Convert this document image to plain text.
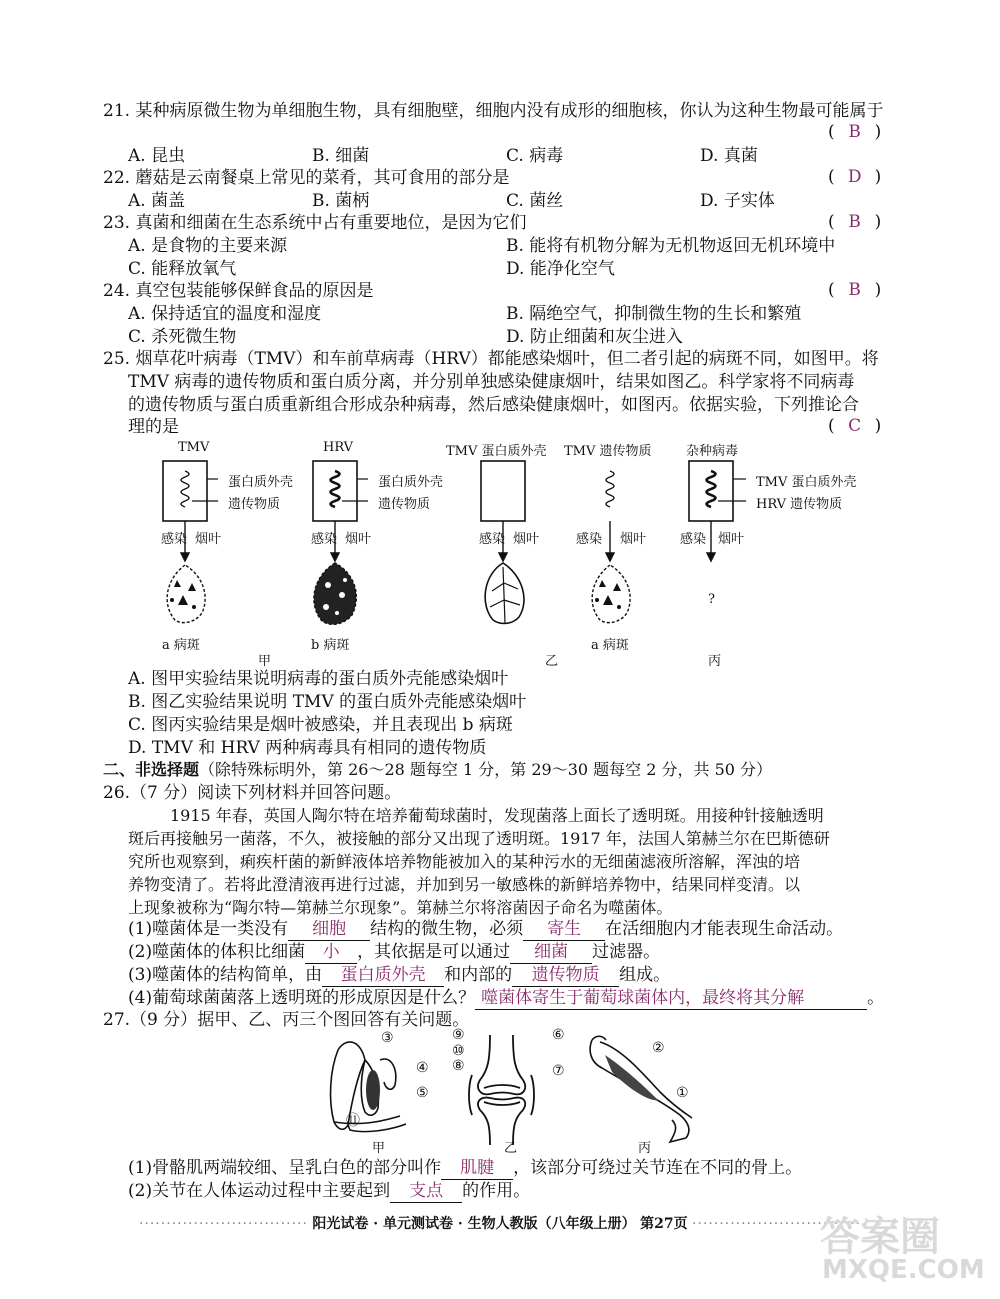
21. 某种病原微生物为单细胞生物，具有细胞壁，细胞内没有成形的细胞核，你认为这种生物最可能属于
( B )
A. 昆虫	B. 细菌	C. 病毒	D. 真菌
22. 蘑菇是云南餐桌上常见的菜肴，其可食用的部分是	( D )
A. 菌盖	B. 菌柄	C. 菌丝	D. 子实体
23. 真菌和细菌在生态系统中占有重要地位，是因为它们	( B )
A. 是食物的主要来源	B. 能将有机物分解为无机物返回无机环境中
C. 能释放氧气	D. 能净化空气
24. 真空包装能够保鲜食品的原因是	( B )
A. 保持适宜的温度和湿度	B. 隔绝空气，抑制微生物的生长和繁殖
C. 杀死微生物	D. 防止细菌和灰尘进入
25. 烟草花叶病毒（TMV）和车前草病毒（HRV）都能感染烟叶，但二者引起的病斑不同，如图甲。将
TMV 病毒的遗传物质和蛋白质分离，并分别单独感染健康烟叶，结果如图乙。科学家将不同病毒
的遗传物质与蛋白质重新组合形成杂种病毒，然后感染健康烟叶，如图丙。依据实验，下列推论合
理的是	( C )
TMV	HRV	TMV 蛋白质外壳 TMV 遗传物质	杂种病毒
蛋白质外壳
遗传物质
蛋白质外壳
遗传物质
TMV 蛋白质外壳
HRV 遗传物质
感染 烟叶	感染 烟叶	感染 烟叶	感染 烟叶	感染 烟叶
?
a 病斑	b 病斑	a 病斑
甲	乙	丙
A. 图甲实验结果说明病毒的蛋白质外壳能感染烟叶
B. 图乙实验结果说明 TMV 的蛋白质外壳能感染烟叶
C. 图丙实验结果是烟叶被感染，并且表现出 b 病斑
D. TMV 和 HRV 两种病毒具有相同的遗传物质
二、非选择题（除特殊标明外，第 26～28 题每空 1 分，第 29～30 题每空 2 分，共 50 分）
26.（7 分）阅读下列材料并回答问题。
1915 年春，英国人陶尔特在培养葡萄球菌时，发现菌落上面长了透明斑。用接种针接触透明
斑后再接触另一菌落，不久，被接触的部分又出现了透明斑。1917 年，法国人第赫兰尔在巴斯德研
究所也观察到，痢疾杆菌的新鲜液体培养物能被加入的某种污水的无细菌滤液所溶解，浑浊的培
养物变清了。若将此澄清液再进行过滤，并加到另一敏感株的新鲜培养物中，结果同样变清。以
上现象被称为“陶尔特—第赫兰尔现象”。第赫兰尔将溶菌因子命名为噬菌体。
(1)噬菌体是一类没有 细胞 结构的微生物，必须 寄生 在活细胞内才能表现生命活动。
(2)噬菌体的体积比细菌 小 ，其依据是可以通过 细菌 过滤器。
(3)噬菌体的结构简单，由 蛋白质外壳 和内部的 遗传物质 组成。
(4)葡萄球菌菌落上透明斑的形成原因是什么？ 噬菌体寄生于葡萄球菌体内，最终将其分解	。
27.（9 分）据甲、乙、丙三个图回答有关问题。
③
④
⑤
⑪
⑨
⑩
⑧
⑥
⑦
②
①
甲	乙	丙
(1)骨骼肌两端较细、呈乳白色的部分叫作 肌腱 ，该部分可绕过关节连在不同的骨上。
(2)关节在人体运动过程中主要起到 支点 的作用。
······························· 阳光试卷 · 单元测试卷 · 生物人教版（八年级上册） 第27页 ·······························
答案圈
MXQE.COM
